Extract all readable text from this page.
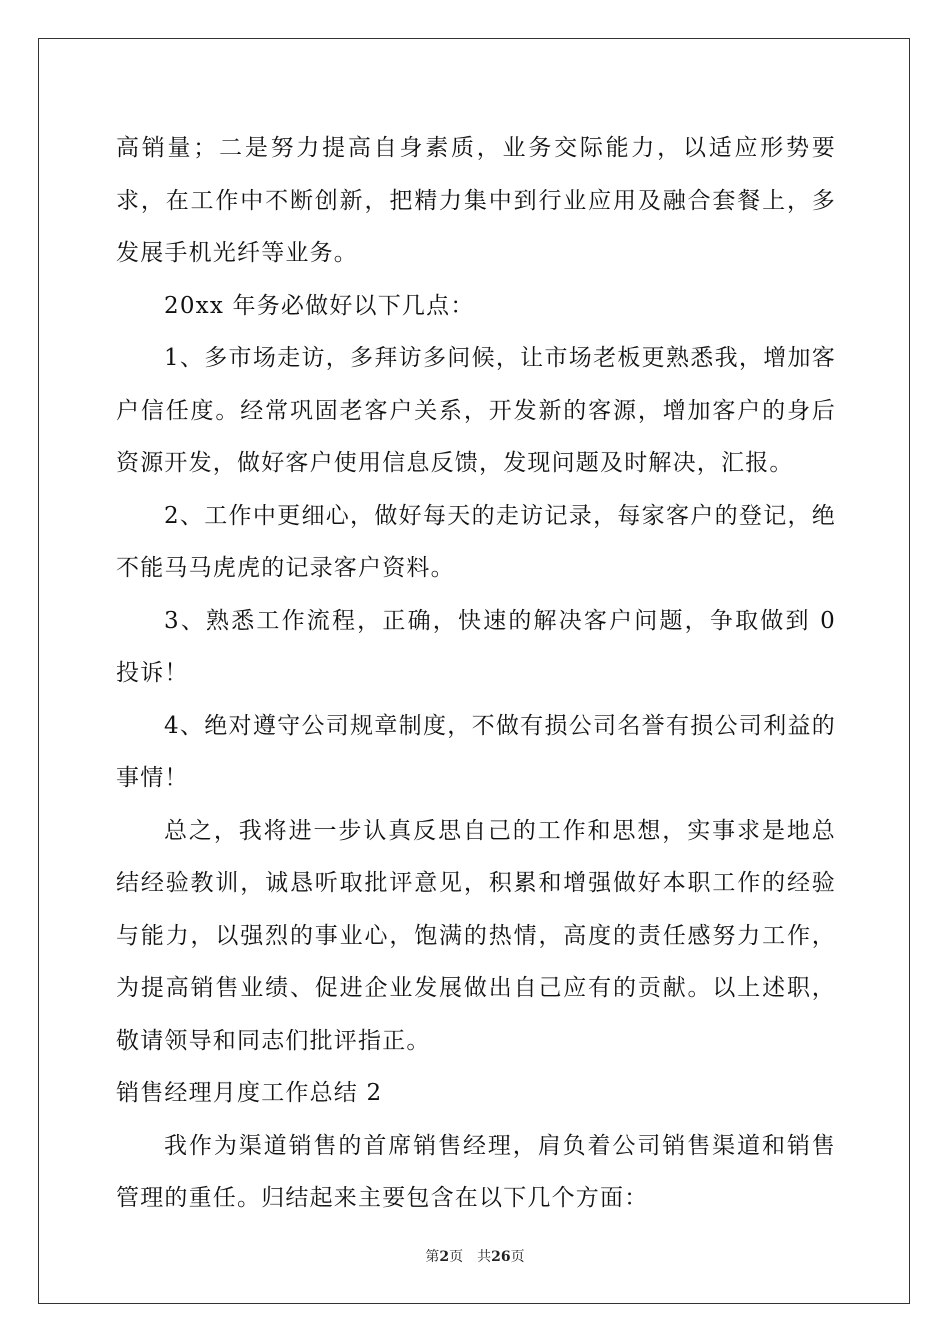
高销量；二是努力提高自身素质，业务交际能力，以适应形势要求，在工作中不断创新，把精力集中到行业应用及融合套餐上，多发展手机光纤等业务。

20xx 年务必做好以下几点：

1、多市场走访，多拜访多问候，让市场老板更熟悉我，增加客户信任度。经常巩固老客户关系，开发新的客源，增加客户的身后资源开发，做好客户使用信息反馈，发现问题及时解决，汇报。

2、工作中更细心，做好每天的走访记录，每家客户的登记，绝不能马马虎虎的记录客户资料。

3、熟悉工作流程，正确，快速的解决客户问题，争取做到 0 投诉！

4、绝对遵守公司规章制度，不做有损公司名誉有损公司利益的事情！

总之，我将进一步认真反思自己的工作和思想，实事求是地总结经验教训，诚恳听取批评意见，积累和增强做好本职工作的经验与能力，以强烈的事业心，饱满的热情，高度的责任感努力工作，为提高销售业绩、促进企业发展做出自己应有的贡献。以上述职，敬请领导和同志们批评指正。

销售经理月度工作总结 2

我作为渠道销售的首席销售经理，肩负着公司销售渠道和销售管理的重任。归结起来主要包含在以下几个方面：

第2页　共26页
